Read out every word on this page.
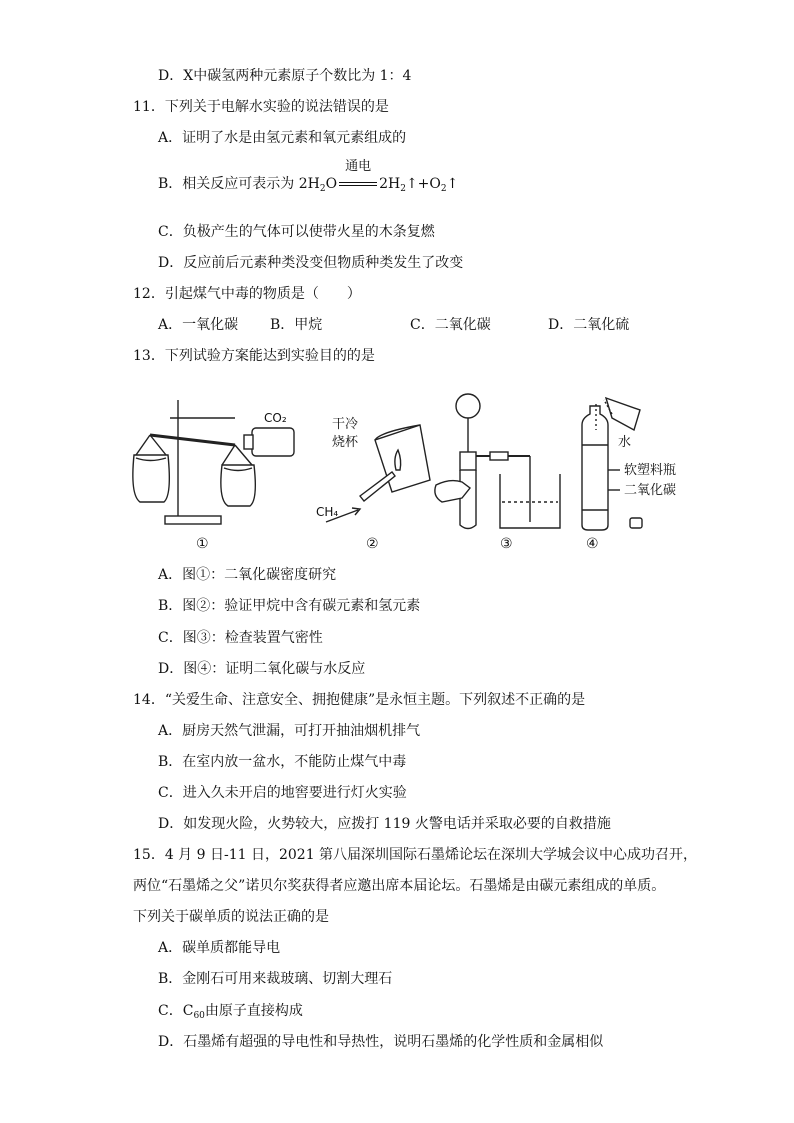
D．X中碳氢两种元素原子个数比为 1：4
11．下列关于电解水实验的说法错误的是
A．证明了水是由氢元素和氧元素组成的
B．相关反应可表示为 $2H_2O$
通电
$2H_2↑+O_2↑$
C．负极产生的气体可以使带火星的木条复燃
D．反应前后元素种类没变但物质种类发生了改变
12．引起煤气中毒的物质是（　　）
A．一氧化碳 B．甲烷	C．二氧化碳	D．二氧化硫
13．下列试验方案能达到实验目的的是
CO₂	干冷
烧杯
CH₄
水
软塑料瓶
二氧化碳
①	②	③	④
A．图①：二氧化碳密度研究
B．图②：验证甲烷中含有碳元素和氢元素
C．图③：检查装置气密性
D．图④：证明二氧化碳与水反应
14．“关爱生命、注意安全、拥抱健康”是永恒主题。下列叙述不正确的是
A．厨房天然气泄漏，可打开抽油烟机排气
B．在室内放一盆水，不能防止煤气中毒
C．进入久未开启的地窖要进行灯火实验
D．如发现火险，火势较大，应拨打 119 火警电话并采取必要的自救措施
15．4 月 9 日-11 日，2021 第八届深圳国际石墨烯论坛在深圳大学城会议中心成功召开，
两位“石墨烯之父”诺贝尔奖获得者应邀出席本届论坛。石墨烯是由碳元素组成的单质。
下列关于碳单质的说法正确的是
A．碳单质都能导电
B．金刚石可用来裁玻璃、切割大理石
C．$C_{60}$由原子直接构成
D．石墨烯有超强的导电性和导热性，说明石墨烯的化学性质和金属相似
